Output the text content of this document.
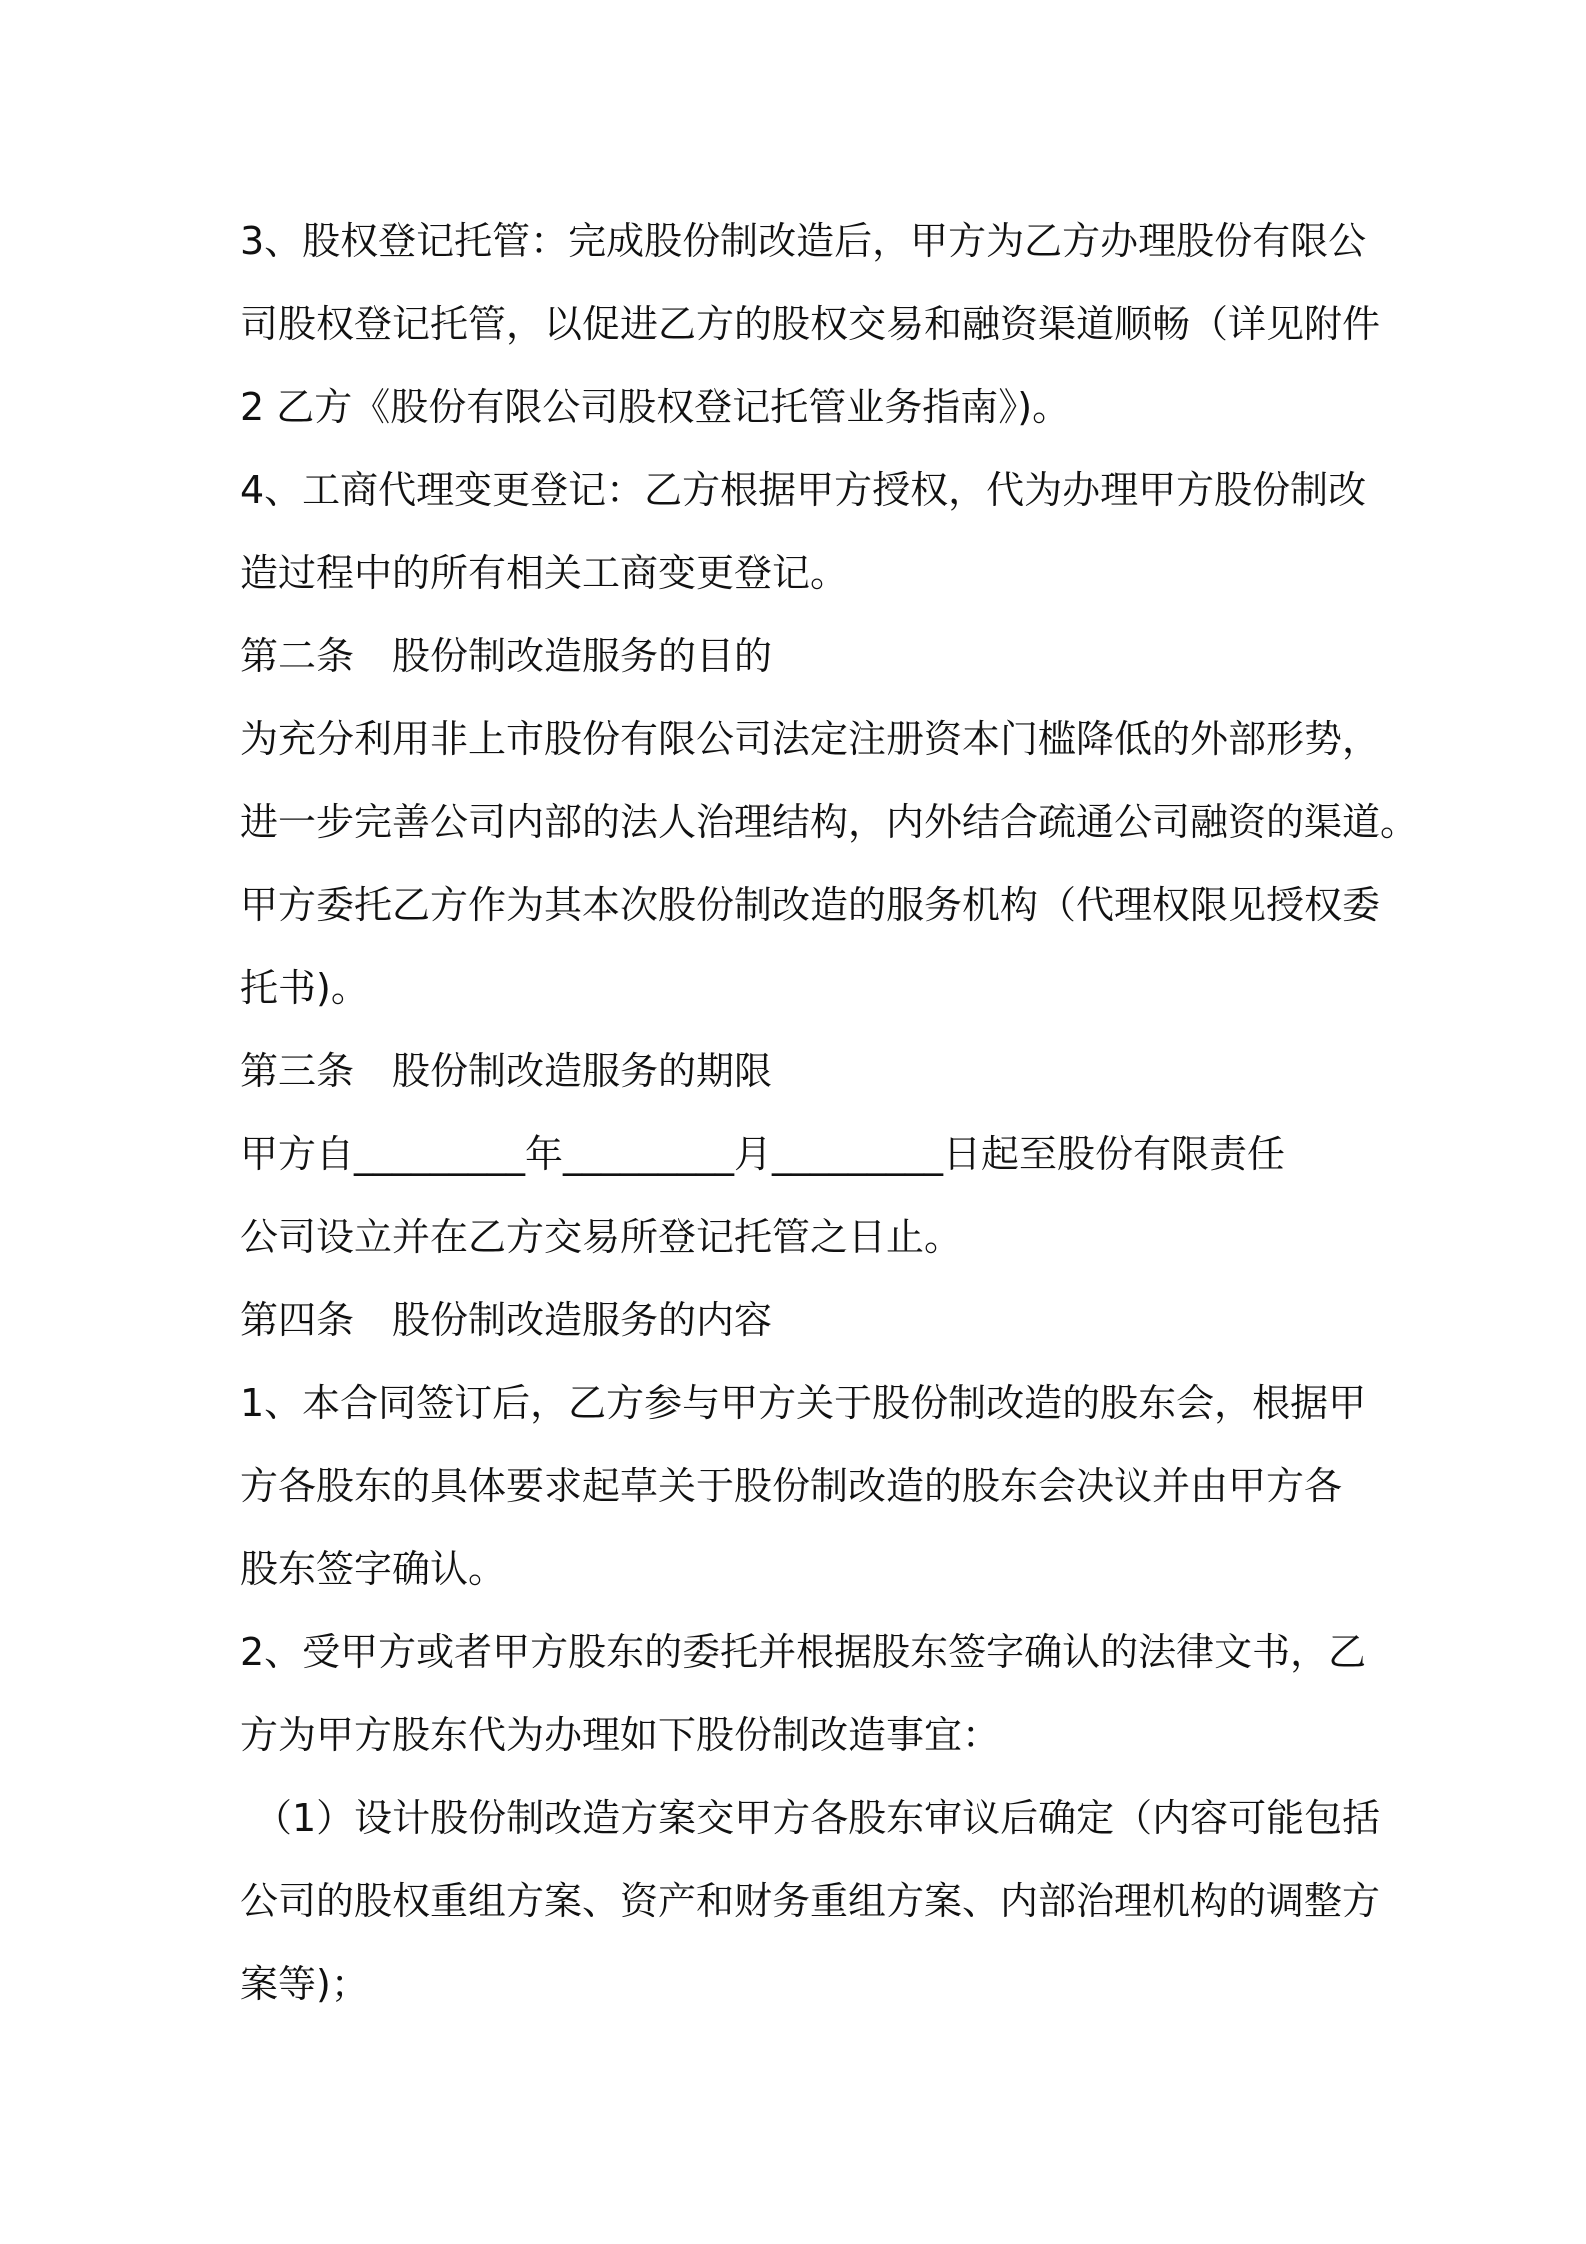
3、股权登记托管：完成股份制改造后，甲方为乙方办理股份有限公
司股权登记托管，以促进乙方的股权交易和融资渠道顺畅（详见附件
2 乙方《股份有限公司股权登记托管业务指南》)。
4、工商代理变更登记：乙方根据甲方授权，代为办理甲方股份制改
造过程中的所有相关工商变更登记。
第二条　股份制改造服务的目的
为充分利用非上市股份有限公司法定注册资本门槛降低的外部形势，
进一步完善公司内部的法人治理结构，内外结合疏通公司融资的渠道。
甲方委托乙方作为其本次股份制改造的服务机构（代理权限见授权委
托书)。
第三条　股份制改造服务的期限
甲方自_________年_________月_________日起至股份有限责任
公司设立并在乙方交易所登记托管之日止。
第四条　股份制改造服务的内容
1、本合同签订后，乙方参与甲方关于股份制改造的股东会，根据甲
方各股东的具体要求起草关于股份制改造的股东会决议并由甲方各
股东签字确认。
2、受甲方或者甲方股东的委托并根据股东签字确认的法律文书，乙
方为甲方股东代为办理如下股份制改造事宜：
（1）设计股份制改造方案交甲方各股东审议后确定（内容可能包括
公司的股权重组方案、资产和财务重组方案、内部治理机构的调整方
案等)；
